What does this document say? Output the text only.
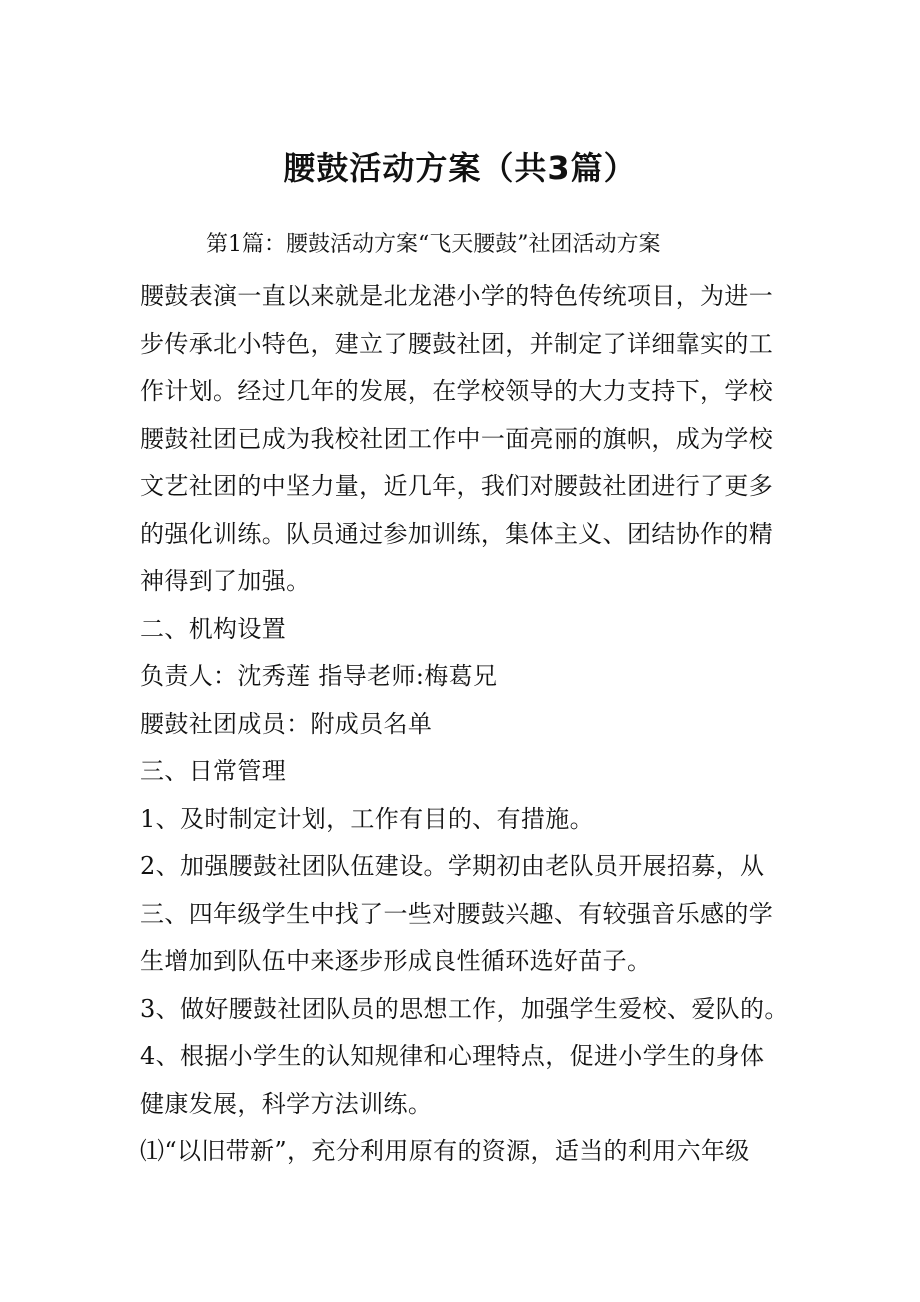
腰鼓活动方案（共3篇）

第1篇：腰鼓活动方案“飞天腰鼓”社团活动方案

腰鼓表演一直以来就是北龙港小学的特色传统项目，为进一

步传承北小特色，建立了腰鼓社团，并制定了详细靠实的工

作计划。经过几年的发展，在学校领导的大力支持下，学校

腰鼓社团已成为我校社团工作中一面亮丽的旗帜，成为学校

文艺社团的中坚力量，近几年，我们对腰鼓社团进行了更多

的强化训练。队员通过参加训练，集体主义、团结协作的精

神得到了加强。

二、机构设置

负责人：沈秀莲 指导老师:梅葛兄

腰鼓社团成员：附成员名单

三、日常管理

1、及时制定计划，工作有目的、有措施。

2、加强腰鼓社团队伍建设。学期初由老队员开展招募，从

三、四年级学生中找了一些对腰鼓兴趣、有较强音乐感的学

生增加到队伍中来逐步形成良性循环选好苗子。

3、做好腰鼓社团队员的思想工作，加强学生爱校、爱队的。

4、根据小学生的认知规律和心理特点，促进小学生的身体

健康发展，科学方法训练。

⑴“以旧带新”，充分利用原有的资源，适当的利用六年级
